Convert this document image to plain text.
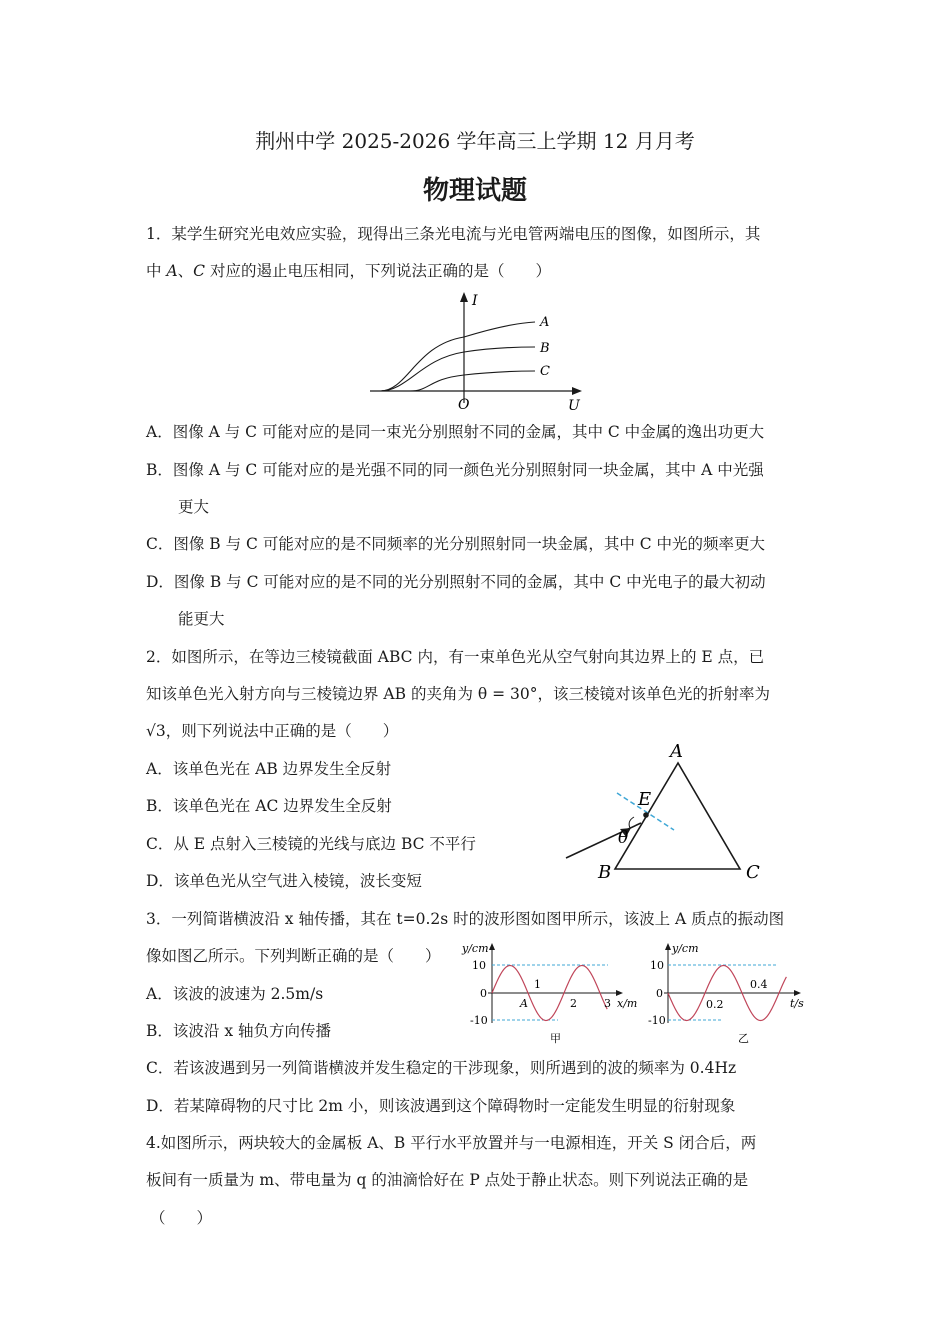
荆州中学 2025-2026 学年高三上学期 12 月月考
物理试题
1．某学生研究光电效应实验，现得出三条光电流与光电管两端电压的图像，如图所示，其
中 A、C 对应的遏止电压相同，下列说法正确的是（　　）
I
U
O
A
B
C
A．图像 A 与 C 可能对应的是同一束光分别照射不同的金属，其中 C 中金属的逸出功更大
B．图像 A 与 C 可能对应的是光强不同的同一颜色光分别照射同一块金属，其中 A 中光强
更大
C．图像 B 与 C 可能对应的是不同频率的光分别照射同一块金属，其中 C 中光的频率更大
D．图像 B 与 C 可能对应的是不同的光分别照射不同的金属，其中 C 中光电子的最大初动
能更大
2．如图所示，在等边三棱镜截面 ABC 内，有一束单色光从空气射向其边界上的 E 点，已
知该单色光入射方向与三棱镜边界 AB 的夹角为 θ = 30°，该三棱镜对该单色光的折射率为
√3，则下列说法中正确的是（　　）
A．该单色光在 AB 边界发生全反射
B．该单色光在 AC 边界发生全反射
C．从 E 点射入三棱镜的光线与底边 BC 不平行
D．该单色光从空气进入棱镜，波长变短
A
B	C
E
θ
3．一列简谐横波沿 x 轴传播，其在 t=0.2s 时的波形图如图甲所示，该波上 A 质点的振动图
像如图乙所示。下列判断正确的是（　　）
A．该波的波速为 2.5m/s
B．该波沿 x 轴负方向传播
C．若该波遇到另一列简谐横波并发生稳定的干涉现象，则所遇到的波的频率为 0.4Hz
D．若某障碍物的尺寸比 2m 小，则该波遇到这个障碍物时一定能发生明显的衍射现象
y/cm
x/m
10
0
-10
1
2 3
A
甲
y/cm
t/s
10
0
-10
0.2
0.4
乙
4.如图所示，两块较大的金属板 A、B 平行水平放置并与一电源相连，开关 S 闭合后，两
板间有一质量为 m、带电量为 q 的油滴恰好在 P 点处于静止状态。则下列说法正确的是
（　　）
